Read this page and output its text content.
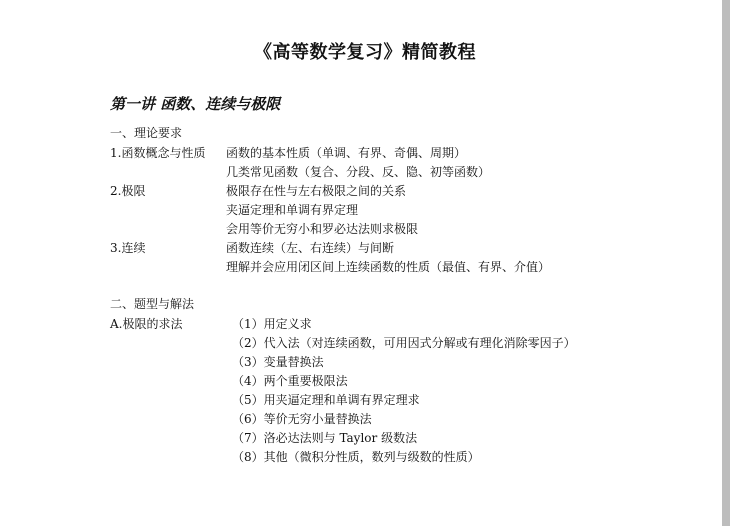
《高等数学复习》精简教程
第一讲 函数、连续与极限
一、理论要求
1.函数概念与性质 函数的基本性质（单调、有界、奇偶、周期）
几类常见函数（复合、分段、反、隐、初等函数）
2.极限	极限存在性与左右极限之间的关系
夹逼定理和单调有界定理
会用等价无穷小和罗必达法则求极限
3.连续	函数连续（左、右连续）与间断
理解并会应用闭区间上连续函数的性质（最值、有界、介值）
二、题型与解法
A.极限的求法	（1）用定义求
（2）代入法（对连续函数，可用因式分解或有理化消除零因子）
（3）变量替换法
（4）两个重要极限法
（5）用夹逼定理和单调有界定理求
（6）等价无穷小量替换法
（7）洛必达法则与 Taylor 级数法
（8）其他（微积分性质，数列与级数的性质）
